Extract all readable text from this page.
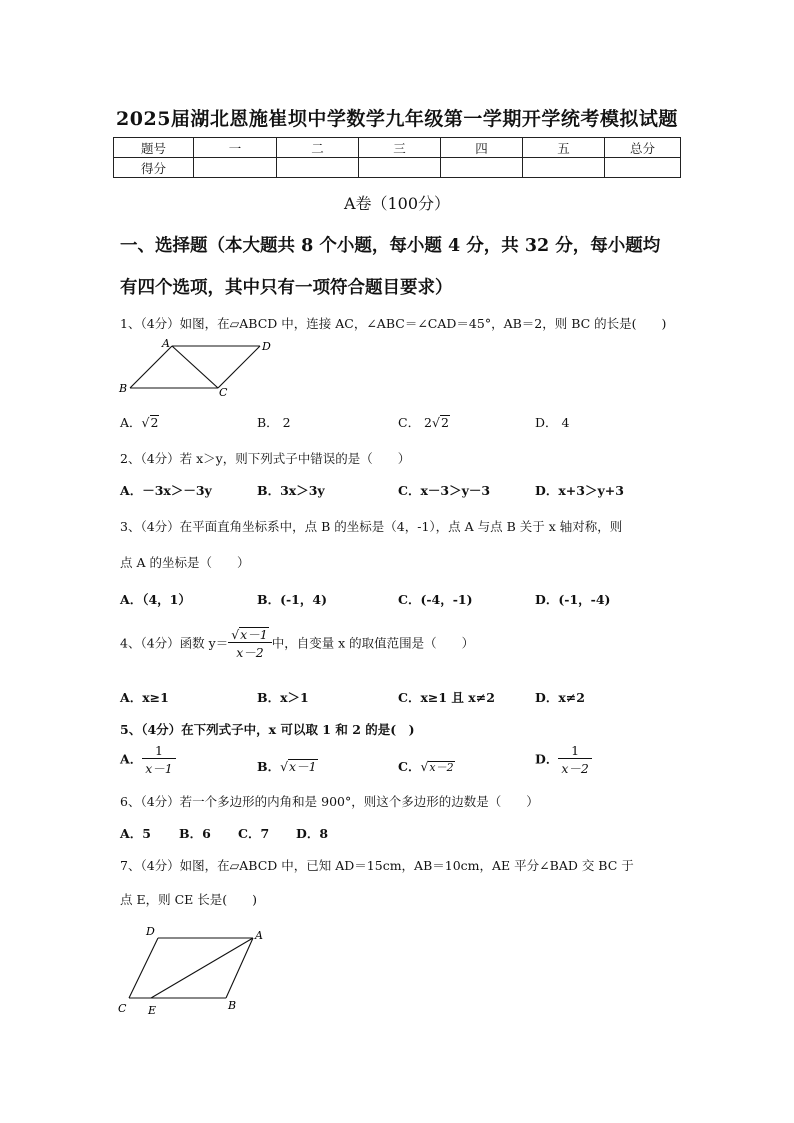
2025届湖北恩施崔坝中学数学九年级第一学期开学统考模拟试题
题号	一	二	三	四	五	总分
得分						
A卷（100分）
一、选择题（本大题共 8 个小题，每小题 4 分，共 32 分，每小题均
有四个选项，其中只有一项符合题目要求）
1、（4分）如图，在▱ABCD 中，连接 AC，∠ABC＝∠CAD＝45°，AB＝2，则 BC 的长是(　　)
A	D
B	C
A．√2	B． 2	C． 2√2	D． 4
2、（4分）若 x＞y，则下列式子中错误的是（　　）
A．－3x＞－3y	B．3x＞3y	C．x－3＞y－3	D．x+3＞y+3
3、（4分）在平面直角坐标系中，点 B 的坐标是（4，-1），点 A 与点 B 关于 x 轴对称，则
点 A 的坐标是（　　）
A．（4，1）	B．(-1，4)	C．(-4，-1)	D．(-1，-4)
4、（4分）函数 $y= \frac{√x-1}{x-2}$ 中，自变量 x 的取值范围是（　　）
A．x≥1	B．x＞1	C．x≥1 且 x≠2	D．x≠2
5、（4分）在下列式子中，x 可以取 1 和 2 的是(　)
A． $\frac{1}{x-1}$	B．√x－1	C．√x－2
D． $\frac{1}{x-2}$
6、（4分）若一个多边形的内角和是 900°，则这个多边形的边数是（　　）
A．5 B．6 C．7 D．8
7、（4分）如图，在▱ABCD 中，已知 AD＝15cm，AB＝10cm，AE 平分∠BAD 交 BC 于
点 E，则 CE 长是(　　)
D	A
C E	B
